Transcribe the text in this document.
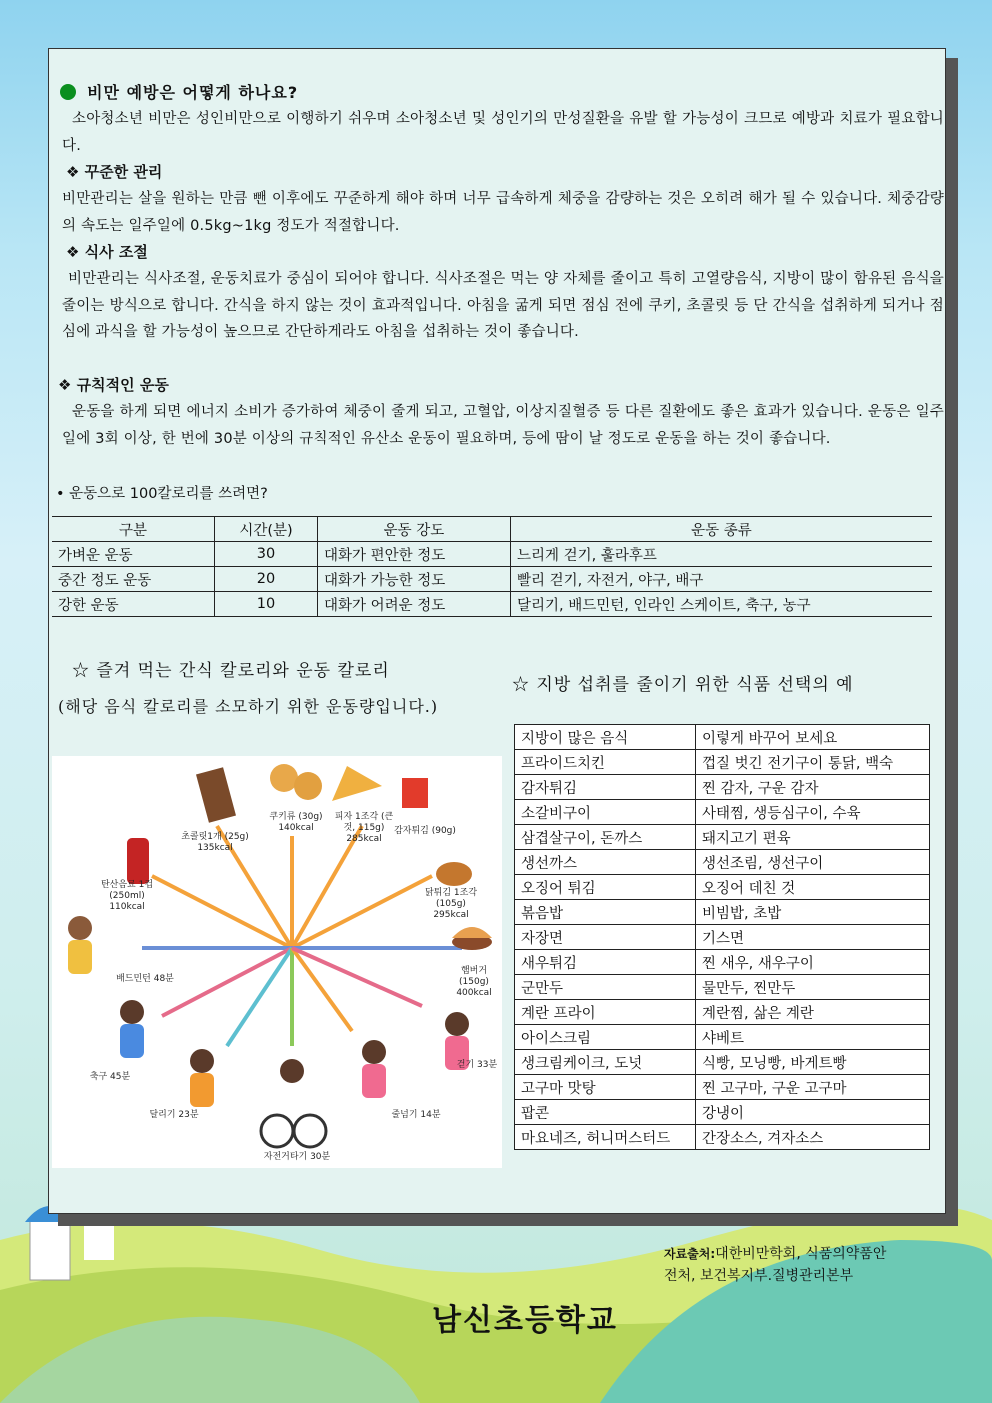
비만 예방은 어떻게 하나요?
소아청소년 비만은 성인비만으로 이행하기 쉬우며 소아청소년 및 성인기의 만성질환을 유발 할 가능성이 크므로 예방과 치료가 필요합니다.
❖ 꾸준한 관리
비만관리는 살을 원하는 만큼 뺀 이후에도 꾸준하게 해야 하며 너무 급속하게 체중을 감량하는 것은 오히려 해가 될 수 있습니다. 체중감량의 속도는 일주일에 0.5kg~1kg 정도가 적절합니다.
❖ 식사 조절
비만관리는 식사조절, 운동치료가 중심이 되어야 합니다. 식사조절은 먹는 양 자체를 줄이고 특히 고열량음식, 지방이 많이 함유된 음식을 줄이는 방식으로 합니다. 간식을 하지 않는 것이 효과적입니다. 아침을 굶게 되면 점심 전에 쿠키, 초콜릿 등 단 간식을 섭취하게 되거나 점심에 과식을 할 가능성이 높으므로 간단하게라도 아침을 섭취하는 것이 좋습니다.
❖ 규칙적인 운동
운동을 하게 되면 에너지 소비가 증가하여 체중이 줄게 되고, 고혈압, 이상지질혈증 등 다른 질환에도 좋은 효과가 있습니다. 운동은 일주일에 3회 이상, 한 번에 30분 이상의 규칙적인 유산소 운동이 필요하며, 등에 땀이 날 정도로 운동을 하는 것이 좋습니다.
• 운동으로 100칼로리를 쓰려면?
구분	시간(분)	운동 강도	운동 종류
가벼운 운동	30	대화가 편안한 정도	느리게 걷기, 훌라후프
중간 정도 운동	20	대화가 가능한 정도	빨리 걷기, 자전거, 야구, 배구
강한 운동	10	대화가 어려운 정도	달리기, 배드민턴, 인라인 스케이트, 축구, 농구
☆ 즐겨 먹는 간식 칼로리와 운동 칼로리
(해당 음식 칼로리를 소모하기 위한 운동량입니다.)
쿠키류 (30g)
140kcal
초콜릿1개 (25g)
135kcal
피자 1조각 (큰것, 115g)
285kcal
감자튀김 (90g)
탄산음료 1컵 (250ml)
110kcal
닭튀김 1조각 (105g)
295kcal
햄버거 (150g)
400kcal
배드민턴 48분
축구 45분
달리기 23분
자전거타기 30분
줄넘기 14분
걷기 33분
☆ 지방 섭취를 줄이기 위한 식품 선택의 예
지방이 많은 음식	이렇게 바꾸어 보세요
프라이드치킨	껍질 벗긴 전기구이 통닭, 백숙
감자튀김	찐 감자, 구운 감자
소갈비구이	사태찜, 생등심구이, 수육
삼겹살구이, 돈까스	돼지고기 편육
생선까스	생선조림, 생선구이
오징어 튀김	오징어 데친 것
볶음밥	비빔밥, 초밥
자장면	기스면
새우튀김	찐 새우, 새우구이
군만두	물만두, 찐만두
계란 프라이	계란찜, 삶은 계란
아이스크림	샤베트
생크림케이크, 도넛	식빵, 모닝빵, 바게트빵
고구마 맛탕	찐 고구마, 구운 고구마
팝콘	강냉이
마요네즈, 허니머스터드	간장소스, 겨자소스
자료출처:대한비만학회, 식품의약품안
전처, 보건복지부.질병관리본부
남신초등학교
